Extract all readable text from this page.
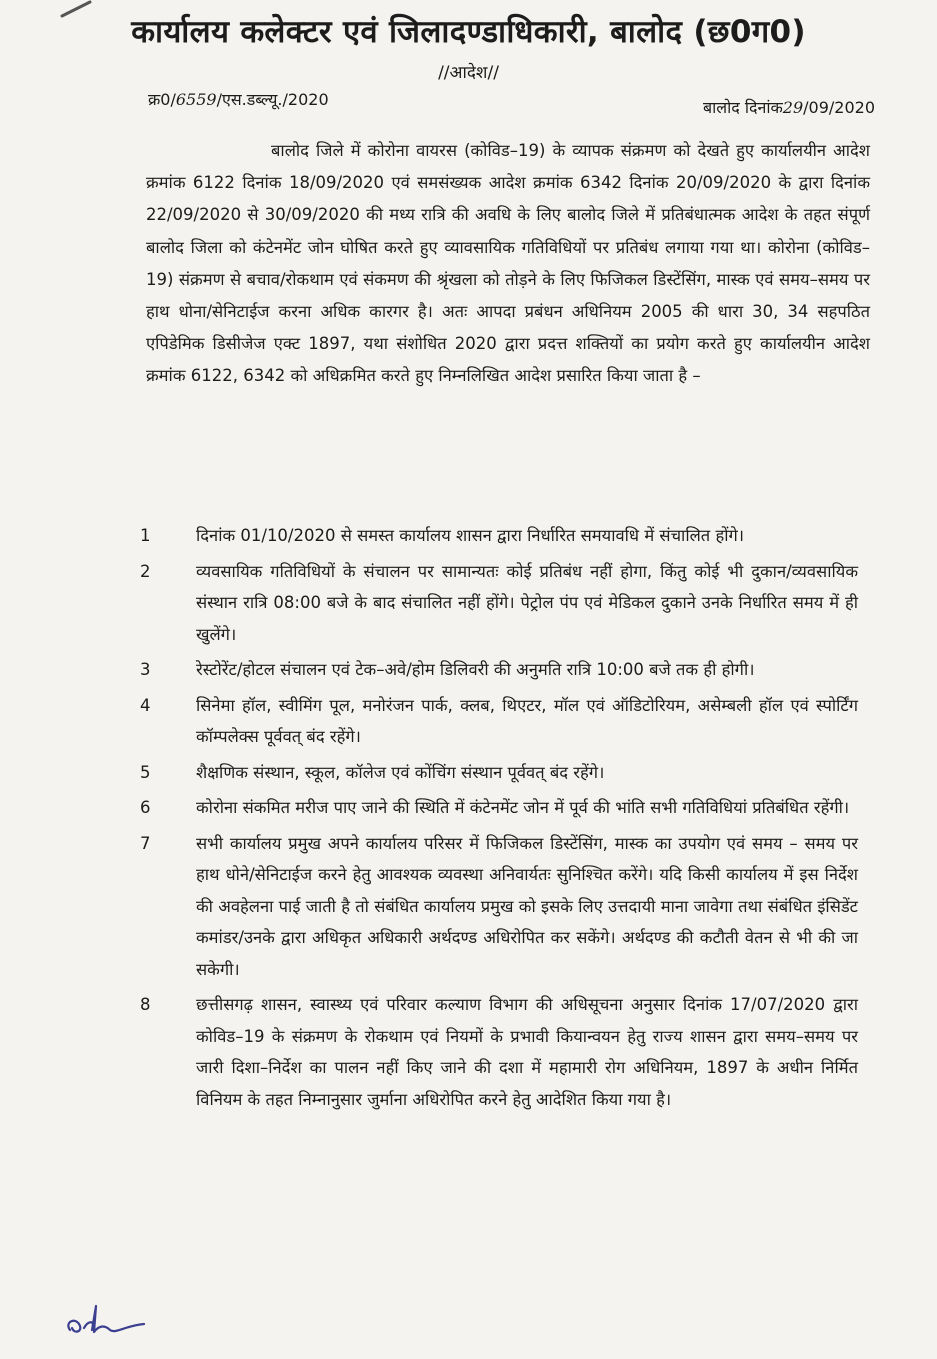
कार्यालय कलेक्टर एवं जिलादण्डाधिकारी, बालोद (छ0ग0)
//आदेश//
क्र0/6559/एस.डब्ल्यू./2020	बालोद दिनांक29/09/2020
बालोद जिले में कोरोना वायरस (कोविड–19) के व्यापक संक्रमण को देखते हुए कार्यालयीन आदेश क्रमांक 6122 दिनांक 18/09/2020 एवं समसंख्यक आदेश क्रमांक 6342 दिनांक 20/09/2020 के द्वारा दिनांक 22/09/2020 से 30/09/2020 की मध्य रात्रि की अवधि के लिए बालोद जिले में प्रतिबंधात्मक आदेश के तहत संपूर्ण बालोद जिला को कंटेनमेंट जोन घोषित करते हुए व्यावसायिक गतिविधियों पर प्रतिबंध लगाया गया था। कोरोना (कोविड–19) संक्रमण से बचाव/रोकथाम एवं संकमण की श्रृंखला को तोड़ने के लिए फिजिकल डिस्टेंसिंग, मास्क एवं समय–समय पर हाथ धोना/सेनिटाईज करना अधिक कारगर है। अतः आपदा प्रबंधन अधिनियम 2005 की धारा 30, 34 सहपठित एपिडेमिक डिसीजेज एक्ट 1897, यथा संशोधित 2020 द्वारा प्रदत्त शक्तियों का प्रयोग करते हुए कार्यालयीन आदेश क्रमांक 6122, 6342 को अधिक्रमित करते हुए निम्नलिखित आदेश प्रसारित किया जाता है –
1	दिनांक 01/10/2020 से समस्त कार्यालय शासन द्वारा निर्धारित समयावधि में संचालित होंगे।
2	व्यवसायिक गतिविधियों के संचालन पर सामान्यतः कोई प्रतिबंध नहीं होगा, किंतु कोई भी दुकान/व्यवसायिक संस्थान रात्रि 08:00 बजे के बाद संचालित नहीं होंगे। पेट्रोल पंप एवं मेडिकल दुकाने उनके निर्धारित समय में ही खुलेंगे।
3	रेस्टोरेंट/होटल संचालन एवं टेक–अवे/होम डिलिवरी की अनुमति रात्रि 10:00 बजे तक ही होगी।
4	सिनेमा हॉल, स्वीमिंग पूल, मनोरंजन पार्क, क्लब, थिएटर, मॉल एवं ऑडिटोरियम, असेम्बली हॉल एवं स्पोर्टिंग कॉम्पलेक्स पूर्ववत् बंद रहेंगे।
5	शैक्षणिक संस्थान, स्कूल, कॉलेज एवं कोंचिंग संस्थान पूर्ववत् बंद रहेंगे।
6	कोरोना संकमित मरीज पाए जाने की स्थिति में कंटेनमेंट जोन में पूर्व की भांति सभी गतिविधियां प्रतिबंधित रहेंगी।
7	सभी कार्यालय प्रमुख अपने कार्यालय परिसर में फिजिकल डिस्टेंसिंग, मास्क का उपयोग एवं समय – समय पर हाथ धोने/सेनिटाईज करने हेतु आवश्यक व्यवस्था अनिवार्यतः सुनिश्चित करेंगे। यदि किसी कार्यालय में इस निर्देश की अवहेलना पाई जाती है तो संबंधित कार्यालय प्रमुख को इसके लिए उत्तदायी माना जावेगा तथा संबंधित इंसिडेंट कमांडर/उनके द्वारा अधिकृत अधिकारी अर्थदण्ड अधिरोपित कर सकेंगे। अर्थदण्ड की कटौती वेतन से भी की जा सकेगी।
8	छत्तीसगढ़ शासन, स्वास्थ्य एवं परिवार कल्याण विभाग की अधिसूचना अनुसार दिनांक 17/07/2020 द्वारा कोविड–19 के संक्रमण के रोकथाम एवं नियमों के प्रभावी कियान्वयन हेतु राज्य शासन द्वारा समय–समय पर जारी दिशा–निर्देश का पालन नहीं किए जाने की दशा में महामारी रोग अधिनियम, 1897 के अधीन निर्मित विनियम के तहत निम्नानुसार जुर्माना अधिरोपित करने हेतु आदेशित किया गया है।
